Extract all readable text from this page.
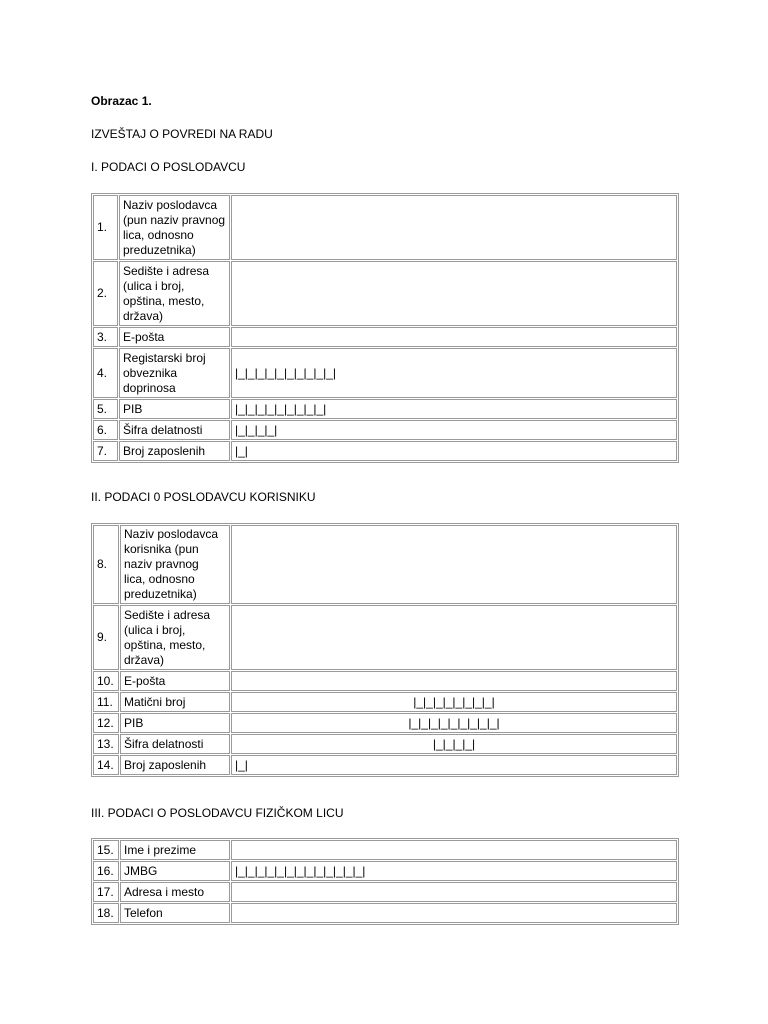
Obrazac 1.
IZVEŠTAJ O POVREDI NA RADU
I. PODACI O POSLODAVCU
1.	Naziv poslodavca
(pun naziv pravnog
lica, odnosno
preduzetnika)	
2.	Sedište i adresa
(ulica i broj,
opština, mesto,
država)	
3.	E-pošta	
4.	Registarski broj
obveznika
doprinosa	|_|_|_|_|_|_|_|_|_|_|
5.	PIB	|_|_|_|_|_|_|_|_|_|
6.	Šifra delatnosti	|_|_|_|_|
7.	Broj zaposlenih	|_|
II. PODACI 0 POSLODAVCU KORISNIKU
8.	Naziv poslodavca
korisnika (pun
naziv pravnog
lica, odnosno
preduzetnika)	
9.	Sedište i adresa
(ulica i broj,
opština, mesto,
država)	
10.	E-pošta	
11.	Matični broj	|_|_|_|_|_|_|_|_|
12.	PIB	|_|_|_|_|_|_|_|_|_|
13.	Šifra delatnosti	|_|_|_|_|
14.	Broj zaposlenih	|_|
III. PODACI O POSLODAVCU FIZIČKOM LICU
15.	Ime i prezime	
16.	JMBG	|_|_|_|_|_|_|_|_|_|_|_|_|_|
17.	Adresa i mesto	
18.	Telefon	
